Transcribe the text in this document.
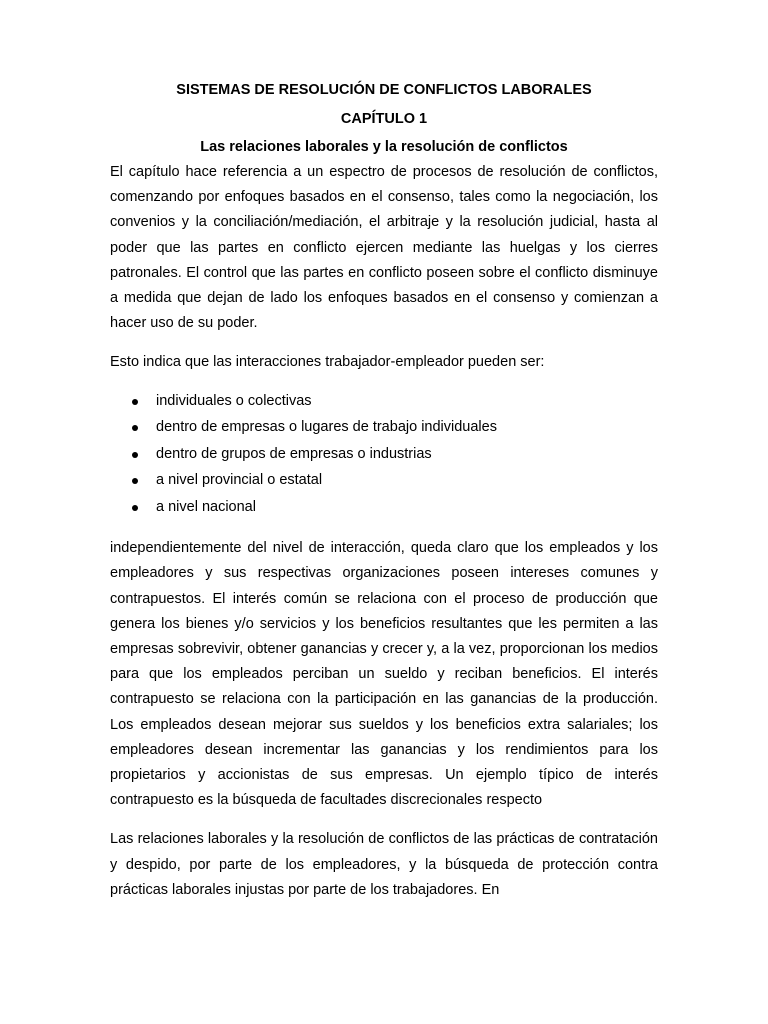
SISTEMAS DE RESOLUCIÓN DE CONFLICTOS LABORALES
CAPÍTULO 1
Las relaciones laborales y la resolución de conflictos

El capítulo hace referencia a un espectro de procesos de resolución de conflictos, comenzando por enfoques basados en el consenso, tales como la negociación, los convenios y la conciliación/mediación, el arbitraje y la resolución judicial, hasta al poder que las partes en conflicto ejercen mediante las huelgas y los cierres patronales. El control que las partes en conflicto poseen sobre el conflicto disminuye a medida que dejan de lado los enfoques basados en el consenso y comienzan a hacer uso de su poder.

Esto indica que las interacciones trabajador-empleador pueden ser:

individuales o colectivas
dentro de empresas o lugares de trabajo individuales
dentro de grupos de empresas o industrias
a nivel provincial o estatal
a nivel nacional

independientemente del nivel de interacción, queda claro que los empleados y los empleadores y sus respectivas organizaciones poseen intereses comunes y contrapuestos. El interés común se relaciona con el proceso de producción que genera los bienes y/o servicios y los beneficios resultantes que les permiten a las empresas sobrevivir, obtener ganancias y crecer y, a la vez, proporcionan los medios para que los empleados perciban un sueldo y reciban beneficios. El interés contrapuesto se relaciona con la participación en las ganancias de la producción. Los empleados desean mejorar sus sueldos y los beneficios extra salariales; los empleadores desean incrementar las ganancias y los rendimientos para los propietarios y accionistas de sus empresas. Un ejemplo típico de interés contrapuesto es la búsqueda de facultades discrecionales respecto

Las relaciones laborales y la resolución de conflictos de las prácticas de contratación y despido, por parte de los empleadores, y la búsqueda de protección contra prácticas laborales injustas por parte de los trabajadores. En
